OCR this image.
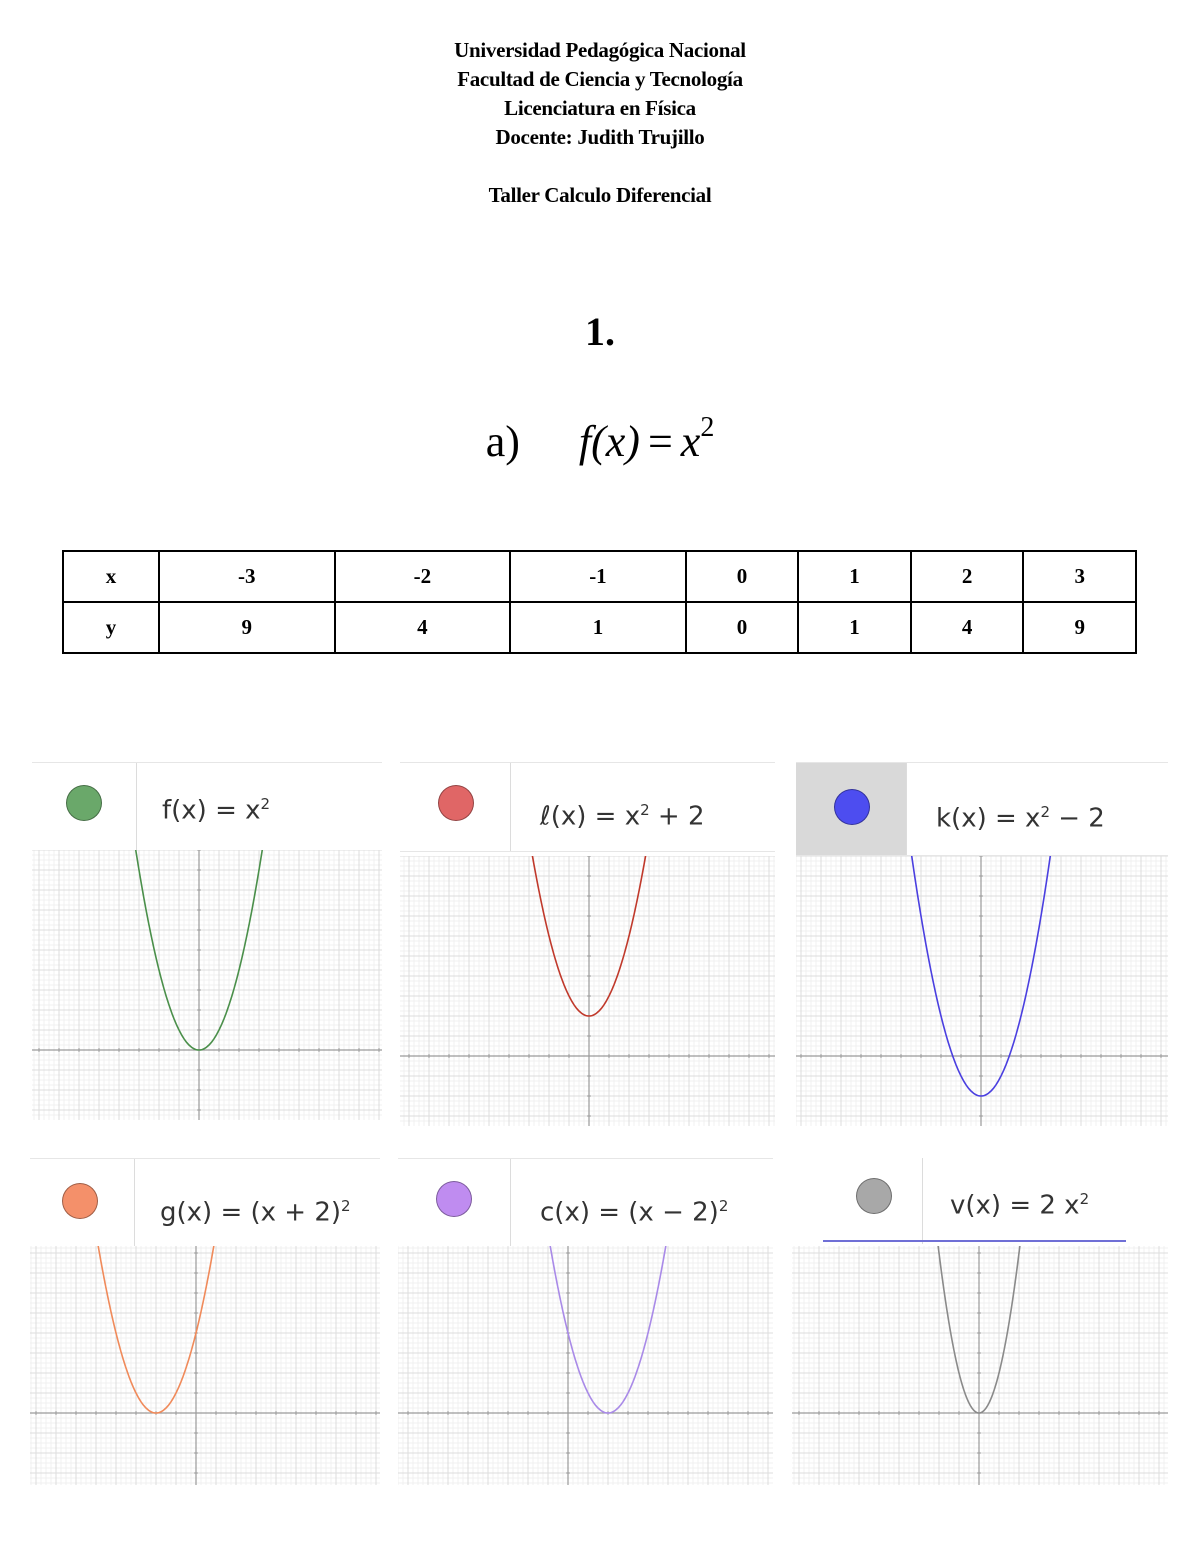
Universidad Pedagógica Nacional
Facultad de Ciencia y Tecnología
Licenciatura en Física
Docente: Judith Trujillo
Taller Calculo Diferencial
1.
a) $f(x) = x^2$
x	-3	-2	-1	0	1	2	3
y	9	4	1	0	1	4	9
$f(x) = x^2$	ℓ(x) = $x^2 + 2$	$k(x) = x^2 - 2$
$g(x) = (x + 2)^2$	$c(x) = (x - 2)^2$	v(x) = 2 $x^2$
